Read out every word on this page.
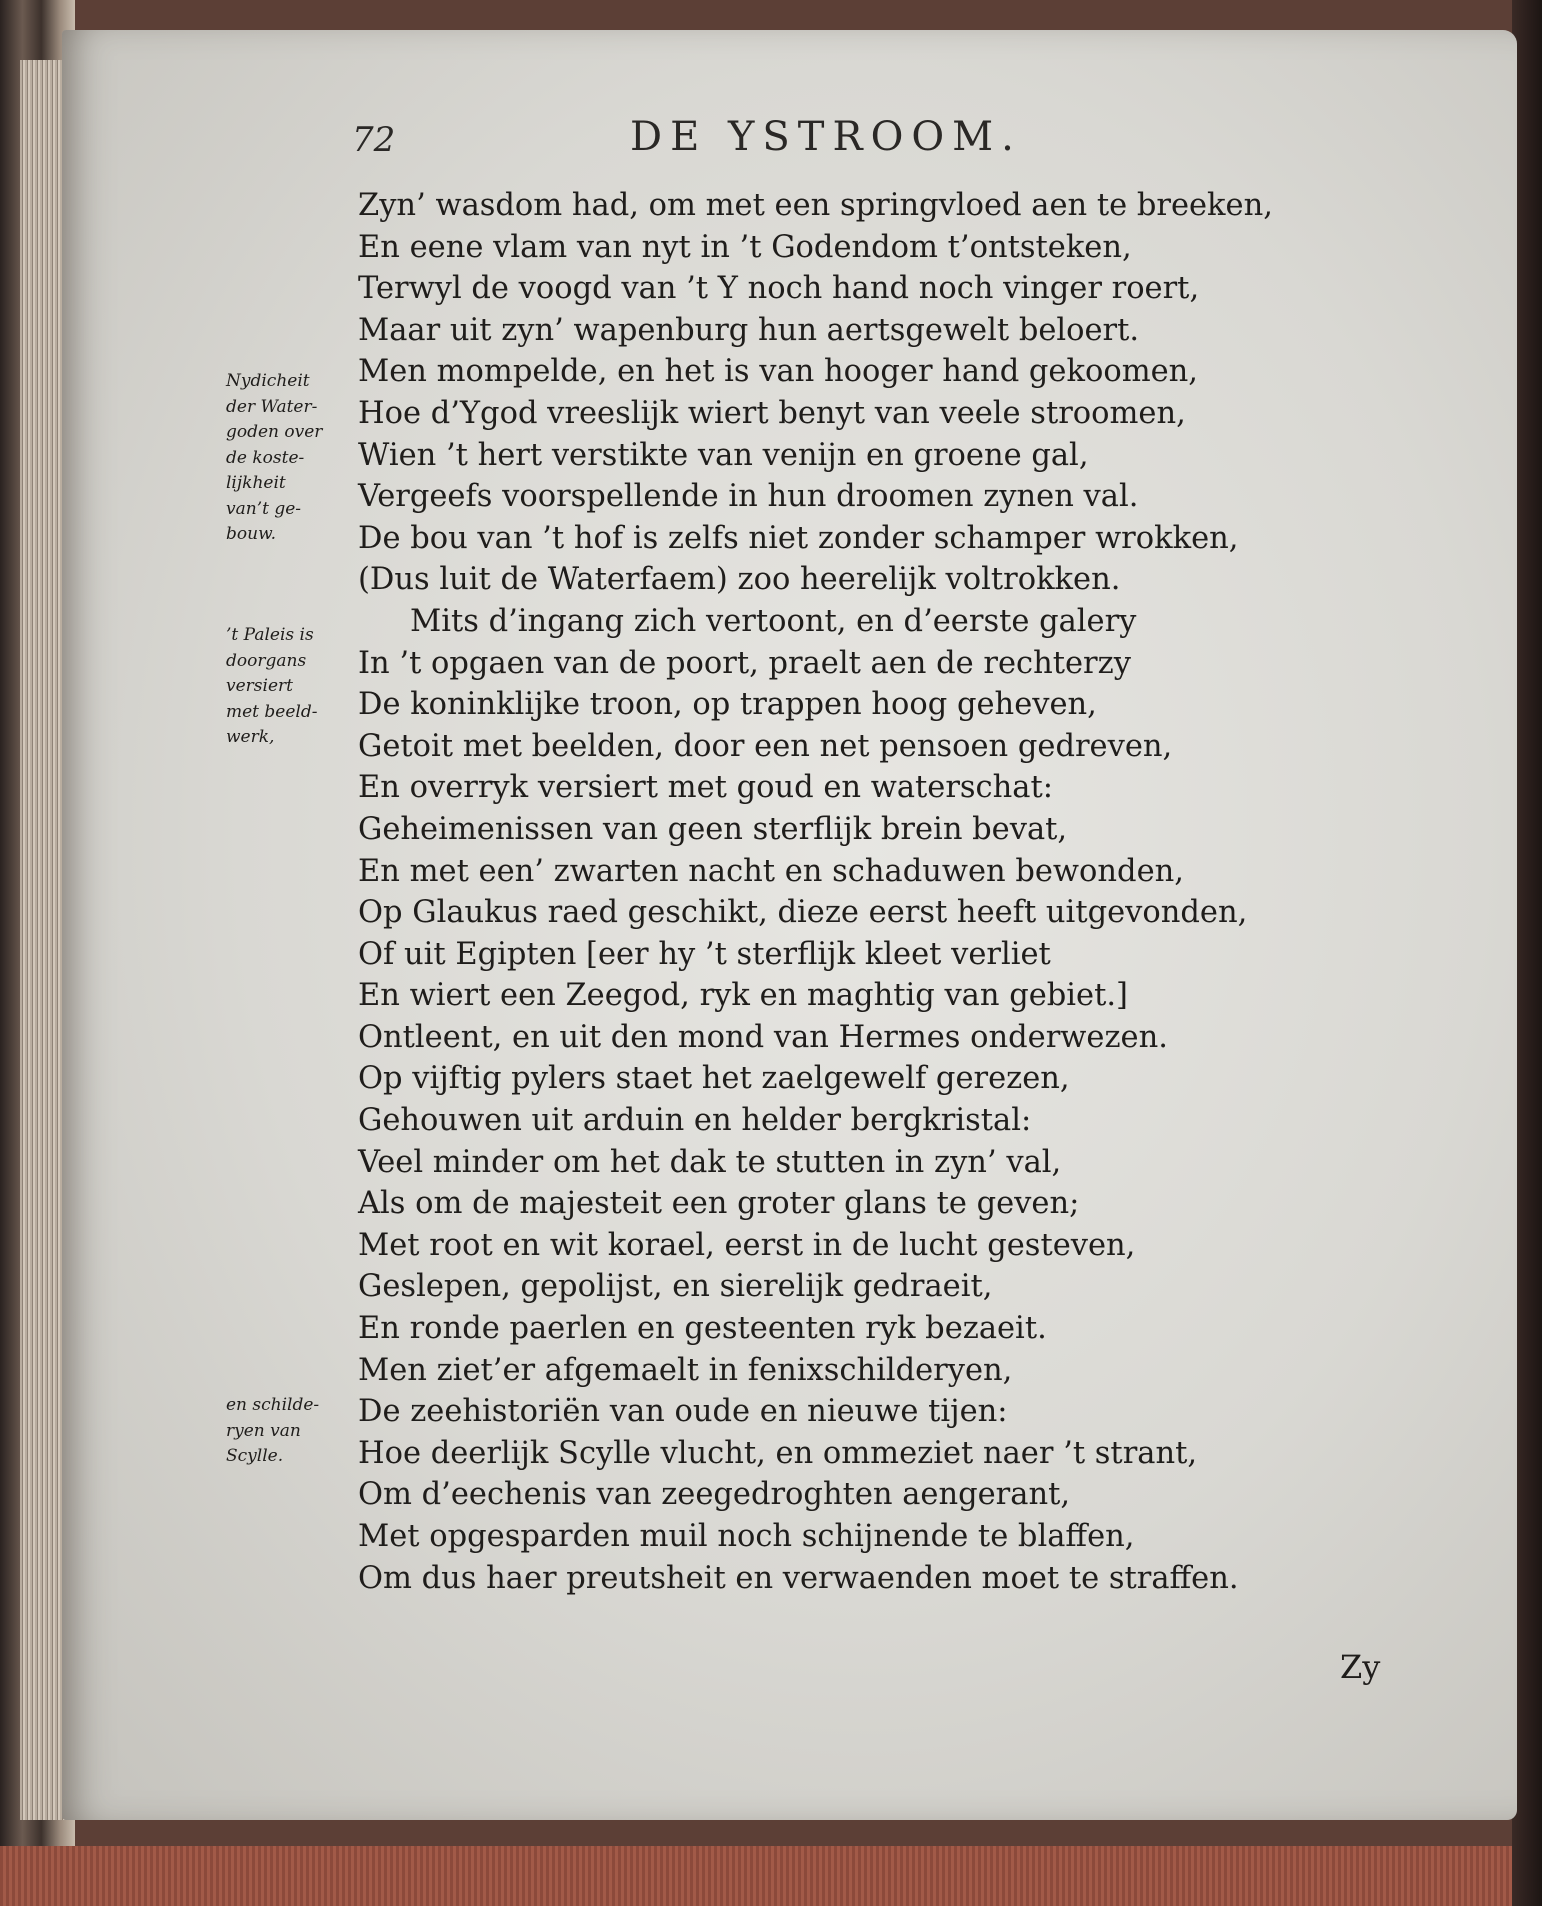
72	DE YSTROOM.
Zyn’ wasdom had, om met een springvloed aen te breeken,
En eene vlam van nyt in ’t Godendom t’ontsteken,
Terwyl de voogd van ’t Y noch hand noch vinger roert,
Maar uit zyn’ wapenburg hun aertsgewelt beloert.
Men mompelde, en het is van hooger hand gekoomen,
Hoe d’Ygod vreeslijk wiert benyt van veele stroomen,
Wien ’t hert verstikte van venijn en groene gal,
Vergeefs voorspellende in hun droomen zynen val.
De bou van ’t hof is zelfs niet zonder schamper wrokken,
(Dus luit de Waterfaem) zoo heerelijk voltrokken.
Mits d’ingang zich vertoont, en d’eerste galery
In ’t opgaen van de poort, praelt aen de rechterzy
De koninklijke troon, op trappen hoog geheven,
Getoit met beelden, door een net pensoen gedreven,
En overryk versiert met goud en waterschat:
Geheimenissen van geen sterflijk brein bevat,
En met een’ zwarten nacht en schaduwen bewonden,
Op Glaukus raed geschikt, dieze eerst heeft uitgevonden,
Of uit Egipten [eer hy ’t sterflijk kleet verliet
En wiert een Zeegod, ryk en maghtig van gebiet.]
Ontleent, en uit den mond van Hermes onderwezen.
Op vijftig pylers staet het zaelgewelf gerezen,
Gehouwen uit arduin en helder bergkristal:
Veel minder om het dak te stutten in zyn’ val,
Als om de majesteit een groter glans te geven;
Met root en wit korael, eerst in de lucht gesteven,
Geslepen, gepolijst, en sierelijk gedraeit,
En ronde paerlen en gesteenten ryk bezaeit.
Men ziet’er afgemaelt in fenixschilderyen,
De zeehistoriën van oude en nieuwe tijen:
Hoe deerlijk Scylle vlucht, en ommeziet naer ’t strant,
Om d’eechenis van zeegedroghten aengerant,
Met opgesparden muil noch schijnende te blaffen,
Om dus haer preutsheit en verwaenden moet te straffen.
Nydicheit
der Water-
goden over
de koste-
lijkheit
van’t ge-
bouw.
’t Paleis is
doorgans
versiert
met beeld-
werk,
en schilde-
ryen van
Scylle.
Zy
